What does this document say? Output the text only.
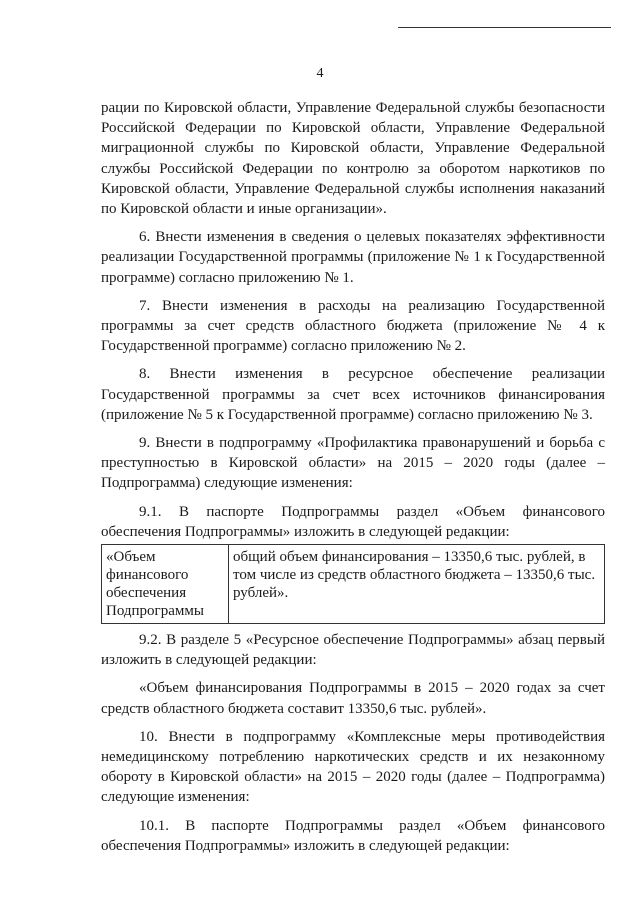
4

рации по Кировской области, Управление Федеральной службы безопасности Российской Федерации по Кировской области, Управление Федеральной миграционной службы по Кировской области, Управление Федеральной службы Российской Федерации по контролю за оборотом наркотиков по Кировской области, Управление Федеральной службы исполнения наказаний по Кировской области и иные организации».

6. Внести изменения в сведения о целевых показателях эффективности реализации Государственной программы (приложение № 1 к Государственной программе) согласно приложению № 1.

7. Внести изменения в расходы на реализацию Государственной программы за счет средств областного бюджета (приложение № 4 к Государственной программе) согласно приложению № 2.

8. Внести изменения в ресурсное обеспечение реализации Государственной программы за счет всех источников финансирования (приложение № 5 к Государственной программе) согласно приложению № 3.

9. Внести в подпрограмму «Профилактика правонарушений и борьба с преступностью в Кировской области» на 2015 – 2020 годы (далее – Подпрограмма) следующие изменения:

9.1. В паспорте Подпрограммы раздел «Объем финансового обеспечения Подпрограммы» изложить в следующей редакции:

«Объем финансового обеспечения Подпрограммы	общий объем финансирования – 13350,6 тыс. рублей, в том числе из средств областного бюджета – 13350,6 тыс. рублей».

9.2. В разделе 5 «Ресурсное обеспечение Подпрограммы» абзац первый изложить в следующей редакции:

«Объем финансирования Подпрограммы в 2015 – 2020 годах за счет средств областного бюджета составит 13350,6 тыс. рублей».

10. Внести в подпрограмму «Комплексные меры противодействия немедицинскому потреблению наркотических средств и их незаконному обороту в Кировской области» на 2015 – 2020 годы (далее – Подпрограмма) следующие изменения:

10.1. В паспорте Подпрограммы раздел «Объем финансового обеспечения Подпрограммы» изложить в следующей редакции:
